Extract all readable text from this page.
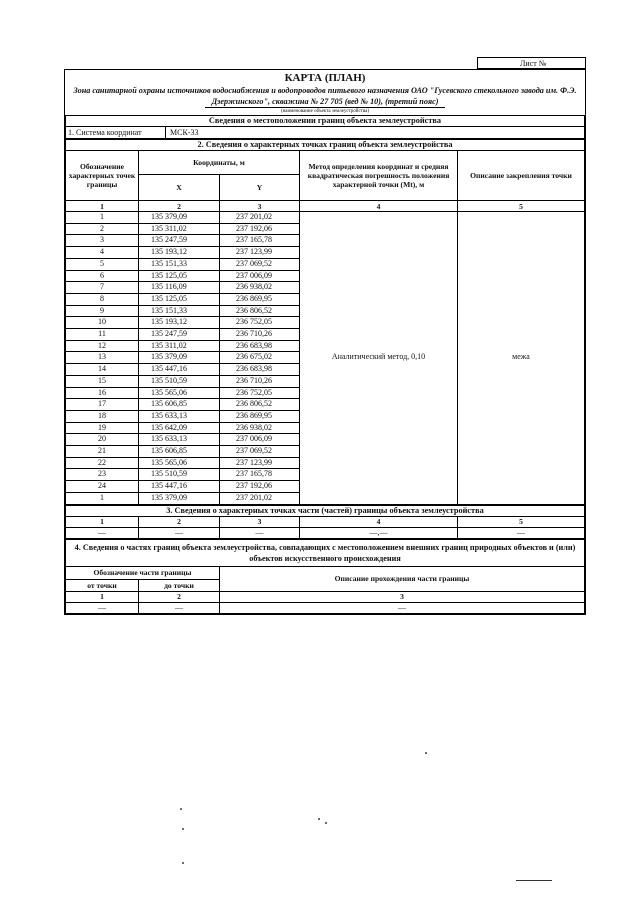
Лист №
КАРТА (ПЛАН)
Зона санитарной охраны источников водоснабжения и водопроводов питьевого назначения ОАО "Гусевского стекольного завода им. Ф.Э. Дзержинского", скважина № 27 705 (вед № 10), (третий пояс)
(наименование объекта землеустройства)
Сведения о местоположении границ объекта землеустройства
1. Система координат	МСК-33
2. Сведения о характерных точках границ объекта землеустройства				
Обозначение характерных точек границы	Координаты, м		Метод определения координат и средняя квадратическая погрешность положения характерной точки (Mt), м	Описание закрепления точки
	X	Y		
1	2	3	4	5
1	135 379,09	237 201,02	Аналитический метод, 0,10	межа
2	135 311,02	237 192,06		
3	135 247,59	237 165,78		
4	135 193,12	237 123,99		
5	135 151,33	237 069,52		
6	135 125,05	237 006,09		
7	135 116,09	236 938,02		
8	135 125,05	236 869,95		
9	135 151,33	236 806,52		
10	135 193,12	236 752,05		
11	135 247,59	236 710,26		
12	135 311,02	236 683,98		
13	135 379,09	236 675,02		
14	135 447,16	236 683,98		
15	135 510,59	236 710,26		
16	135 565,06	236 752,05		
17	135 606,85	236 806,52		
18	135 633,13	236 869,95		
19	135 642,09	236 938,02		
20	135 633,13	237 006,09		
21	135 606,85	237 069,52		
22	135 565,06	237 123,99		
23	135 510,59	237 165,78		
24	135 447,16	237 192,06		
1	135 379,09	237 201,02		
3. Сведения о характерных точках части (частей) границы объекта землеустройства				
1	2	3	4	5
—	—	—	—,—	—
4. Сведения о частях границ объекта землеустройства, совпадающих с местоположением внешних границ природных объектов и (или) объектов искусственного происхождения		
Обозначение части границы		Описание прохождения части границы
от точки	до точки	
1	2	3
—	—	—
